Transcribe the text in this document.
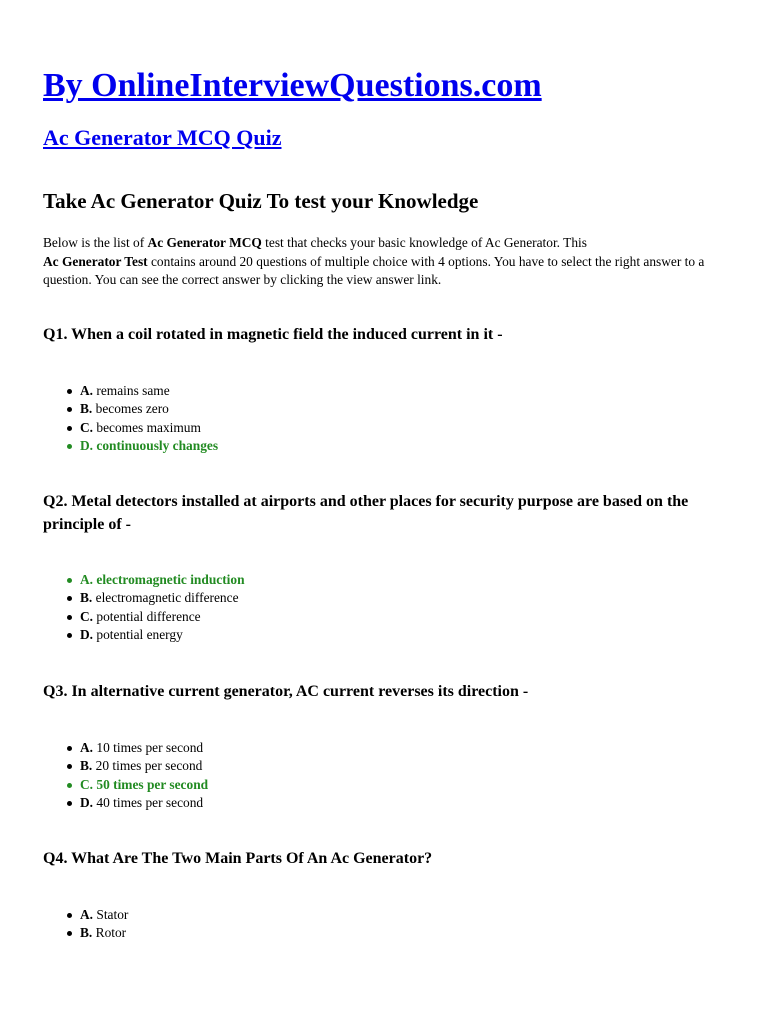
By OnlineInterviewQuestions.com
Ac Generator MCQ Quiz
Take Ac Generator Quiz To test your Knowledge

Below is the list of Ac Generator MCQ test that checks your basic knowledge of Ac Generator. This
Ac Generator Test contains around 20 questions of multiple choice with 4 options. You have to select the right answer to a question. You can see the correct answer by clicking the view answer link.

Q1. When a coil rotated in magnetic field the induced current in it -
A. remains same
B. becomes zero
C. becomes maximum
D. continuously changes
Q2. Metal detectors installed at airports and other places for security purpose are based on the principle of -
A. electromagnetic induction
B. electromagnetic difference
C. potential difference
D. potential energy
Q3. In alternative current generator, AC current reverses its direction -
A. 10 times per second
B. 20 times per second
C. 50 times per second
D. 40 times per second
Q4. What Are The Two Main Parts Of An Ac Generator?
A. Stator
B. Rotor
